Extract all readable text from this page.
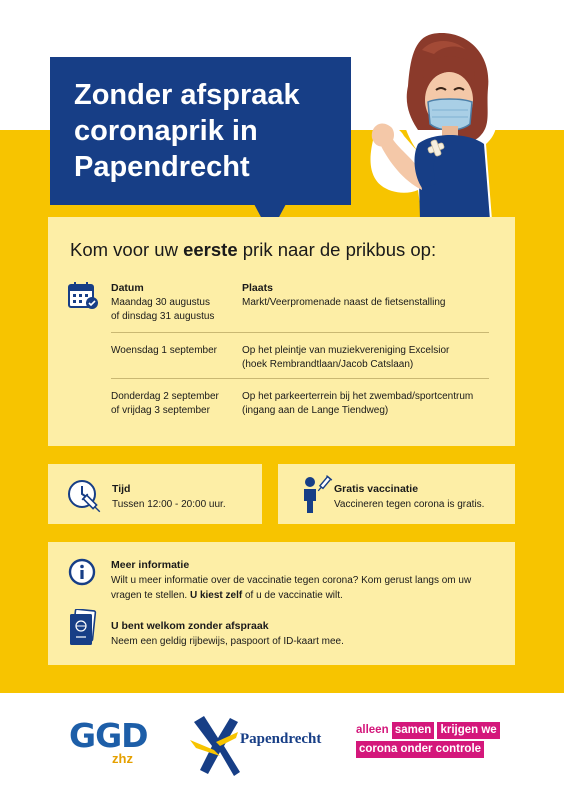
Zonder afspraak
coronaprik in
Papendrecht
Kom voor uw eerste prik naar de prikbus op:
Datum	Plaats
Maandag 30 augustus
of dinsdag 31 augustus
Markt/Veerpromenade naast de fietsenstalling
Woensdag 1 september	Op het pleintje van muziekvereniging Excelsior
(hoek Rembrandtlaan/Jacob Catslaan)
Donderdag 2 september
of vrijdag 3 september
Op het parkeerterrein bij het zwembad/sportcentrum
(ingang aan de Lange Tiendweg)
Tijd
Tussen 12:00 - 20:00 uur.
Gratis vaccinatie
Vaccineren tegen corona is gratis.
Meer informatie
Wilt u meer informatie over de vaccinatie tegen corona? Kom gerust langs om uw
vragen te stellen. U kiest zelf of u de vaccinatie wilt.
U bent welkom zonder afspraak
Neem een geldig rijbewijs, paspoort of ID-kaart mee.
GGD
zhz
Papendrecht
alleen samen krijgen we
corona onder controle
